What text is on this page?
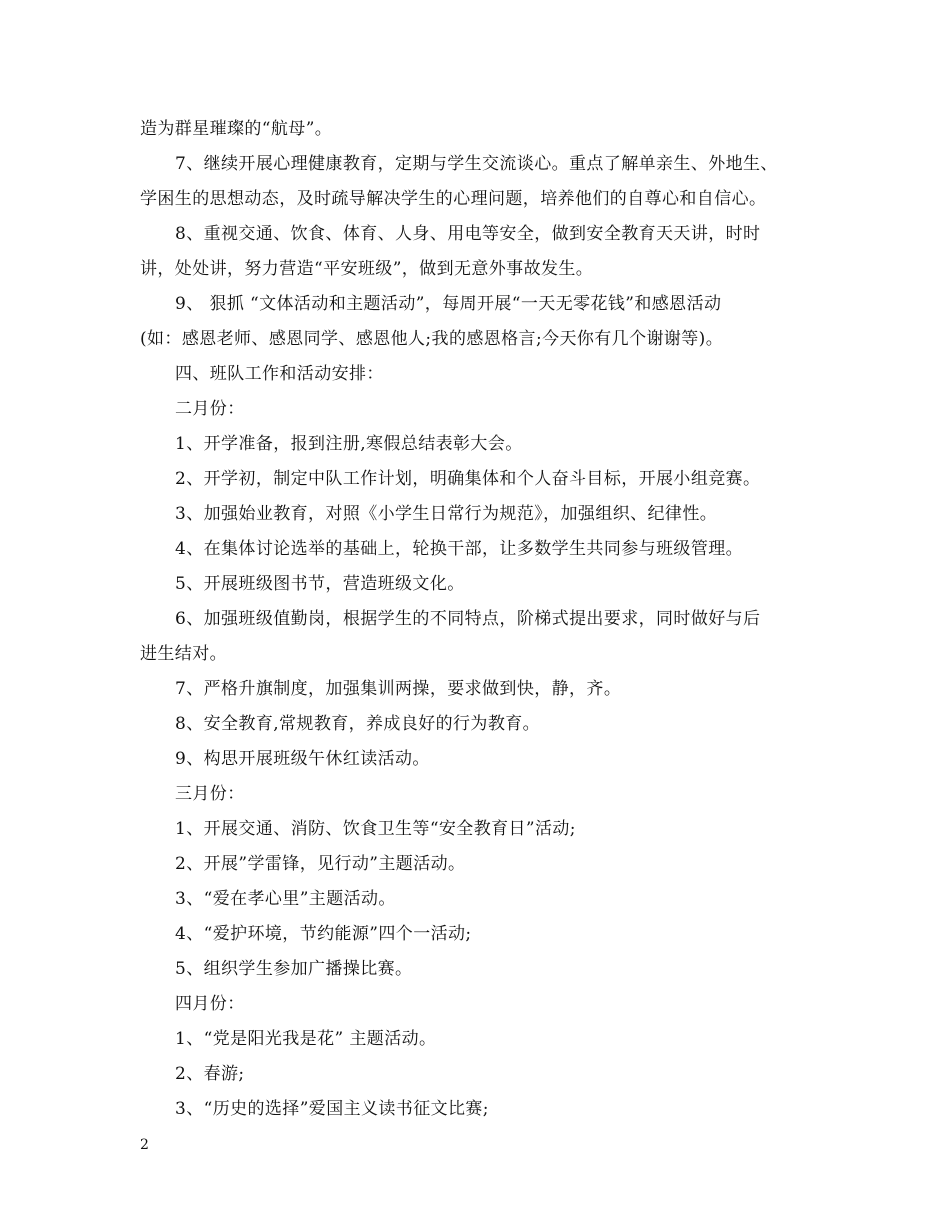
造为群星璀璨的“航母”。

7、继续开展心理健康教育，定期与学生交流谈心。重点了解单亲生、外地生、

学困生的思想动态，及时疏导解决学生的心理问题，培养他们的自尊心和自信心。

8、重视交通、饮食、体育、人身、用电等安全，做到安全教育天天讲，时时

讲，处处讲，努力营造“平安班级”，做到无意外事故发生。

9、 狠抓 “文体活动和主题活动”，每周开展“一天无零花钱”和感恩活动

(如：感恩老师、感恩同学、感恩他人;我的感恩格言;今天你有几个谢谢等)。

四、班队工作和活动安排：

二月份：

1、开学准备，报到注册,寒假总结表彰大会。

2、开学初，制定中队工作计划，明确集体和个人奋斗目标，开展小组竞赛。

3、加强始业教育，对照《小学生日常行为规范》，加强组织、纪律性。

4、在集体讨论选举的基础上，轮换干部，让多数学生共同参与班级管理。

5、开展班级图书节，营造班级文化。

6、加强班级值勤岗，根据学生的不同特点，阶梯式提出要求，同时做好与后

进生结对。

7、严格升旗制度，加强集训两操，要求做到快，静，齐。

8、安全教育,常规教育，养成良好的行为教育。

9、构思开展班级午休红读活动。

三月份：

1、开展交通、消防、饮食卫生等“安全教育日”活动;

2、开展”学雷锋，见行动”主题活动。

3、“爱在孝心里”主题活动。

4、“爱护环境，节约能源”四个一活动;

5、组织学生参加广播操比赛。

四月份：

1、“党是阳光我是花” 主题活动。

2、春游;

3、“历史的选择”爱国主义读书征文比赛;

2
